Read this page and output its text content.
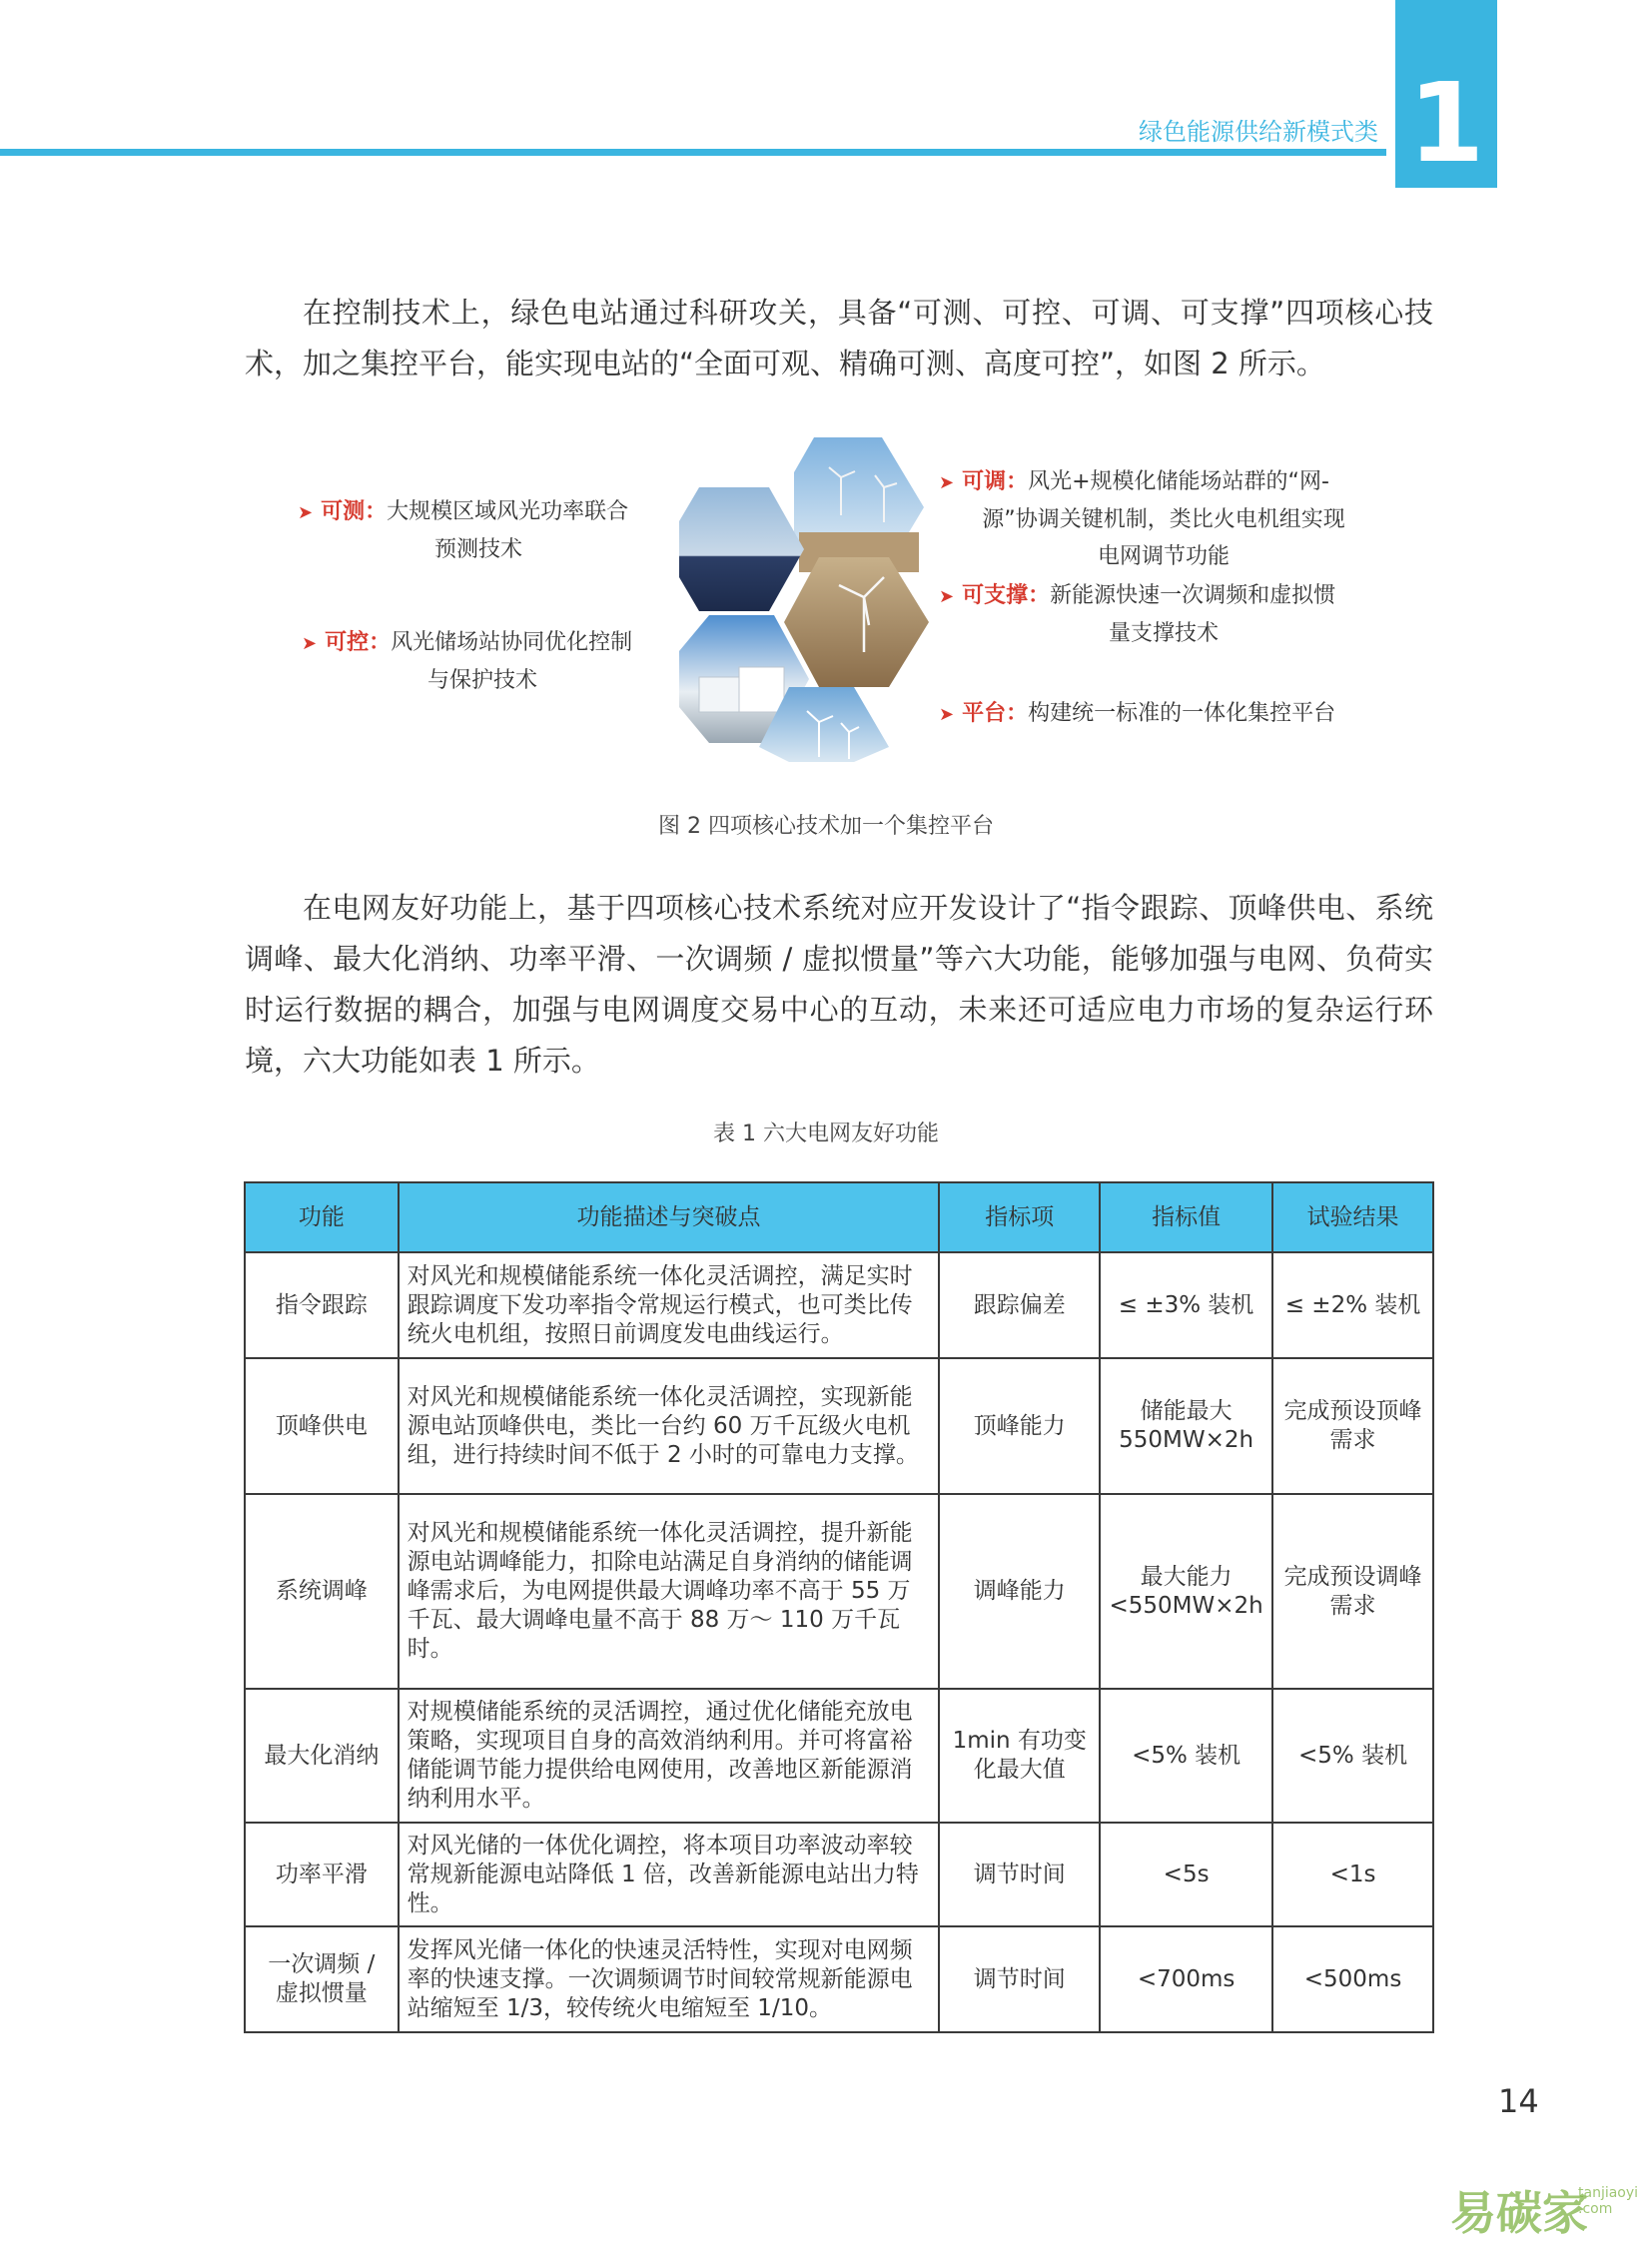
绿色能源供给新模式类 1

在控制技术上，绿色电站通过科研攻关，具备“可测、可控、可调、可支撑”四项核心技术，加之集控平台，能实现电站的“全面可观、精确可测、高度可控”，如图 2 所示。

➤ 可测：大规模区域风光功率联合
预测技术
➤ 可控：风光储场站协同优化控制
与保护技术
➤ 可调：风光+规模化储能场站群的“网-
源”协调关键机制，类比火电机组实现
电网调节功能
➤ 可支撑：新能源快速一次调频和虚拟惯
量支撑技术
➤ 平台：构建统一标准的一体化集控平台
图 2 四项核心技术加一个集控平台

在电网友好功能上，基于四项核心技术系统对应开发设计了“指令跟踪、顶峰供电、系统调峰、最大化消纳、功率平滑、一次调频 / 虚拟惯量”等六大功能，能够加强与电网、负荷实时运行数据的耦合，加强与电网调度交易中心的互动，未来还可适应电力市场的复杂运行环境，六大功能如表 1 所示。

表 1 六大电网友好功能
功能	功能描述与突破点	指标项	指标值	试验结果
指令跟踪	对风光和规模储能系统一体化灵活调控，满足实时跟踪调度下发功率指令常规运行模式，也可类比传统火电机组，按照日前调度发电曲线运行。	跟踪偏差	≤ ±3% 装机	≤ ±2% 装机
顶峰供电	对风光和规模储能系统一体化灵活调控，实现新能源电站顶峰供电，类比一台约 60 万千瓦级火电机组，进行持续时间不低于 2 小时的可靠电力支撑。	顶峰能力	储能最大 550MW×2h	完成预设顶峰需求
系统调峰	对风光和规模储能系统一体化灵活调控，提升新能源电站调峰能力，扣除电站满足自身消纳的储能调峰需求后，为电网提供最大调峰功率不高于 55 万千瓦、最大调峰电量不高于 88 万～ 110 万千瓦时。	调峰能力	最大能力 <550MW×2h	完成预设调峰需求
最大化消纳	对规模储能系统的灵活调控，通过优化储能充放电策略，实现项目自身的高效消纳利用。并可将富裕储能调节能力提供给电网使用，改善地区新能源消纳利用水平。	1min 有功变化最大值	<5% 装机	<5% 装机
功率平滑	对风光储的一体优化调控，将本项目功率波动率较常规新能源电站降低 1 倍，改善新能源电站出力特性。	调节时间	<5s	<1s
一次调频 / 虚拟惯量	发挥风光储一体化的快速灵活特性，实现对电网频率的快速支撑。一次调频调节时间较常规新能源电站缩短至 1/3，较传统火电缩短至 1/10。	调节时间	<700ms	<500ms
14
易碳家
tanjiaoyi .com
